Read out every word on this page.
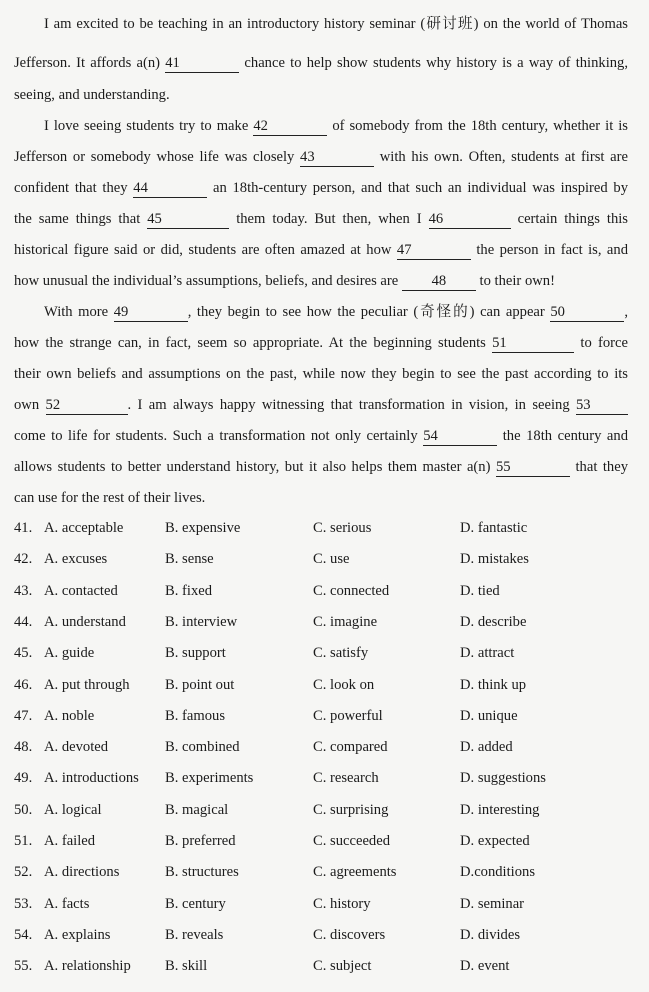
I am excited to be teaching in an introductory history seminar (研讨班) on the world of Thomas
Jefferson. It affords a(n) 41	chance to help show students why history is a way of thinking,
seeing, and understanding.
I love seeing students try to make 42	of somebody from the 18th century, whether it is
Jefferson or somebody whose life was closely 43	with his own. Often, students at first are
confident that they 44	an 18th-century person, and that such an individual was inspired by
the same things that 45	them today. But then, when I 46	certain things this
historical figure said or did, students are often amazed at how 47	the person in fact is, and
how unusual the individual’s assumptions, beliefs, and desires are 48 to their own!
With more 49	, they begin to see how the peculiar (奇怪的) can appear 50	,
how the strange can, in fact, seem so appropriate. At the beginning students 51	to force
their own beliefs and assumptions on the past, while now they begin to see the past according to its
own 52	. I am always happy witnessing that transformation in vision, in seeing 53
come to life for students. Such a transformation not only certainly 54	the 18th century and
allows students to better understand history, but it also helps them master a(n) 55	that they
can use for the rest of their lives.
41. A. acceptable	B. expensive	C. serious	D. fantastic
42. A. excuses	B. sense	C. use	D. mistakes
43. A. contacted	B. fixed	C. connected	D. tied
44. A. understand	B. interview	C. imagine	D. describe
45. A. guide	B. support	C. satisfy	D. attract
46. A. put through B. point out	C. look on	D. think up
47. A. noble	B. famous	C. powerful	D. unique
48. A. devoted	B. combined	C. compared	D. added
49. A. introductions B. experiments	C. research	D. suggestions
50. A. logical	B. magical	C. surprising	D. interesting
51. A. failed	B. preferred	C. succeeded	D. expected
52. A. directions	B. structures	C. agreements	D.conditions
53. A. facts	B. century	C. history	D. seminar
54. A. explains	B. reveals	C. discovers	D. divides
55. A. relationship B. skill	C. subject	D. event
